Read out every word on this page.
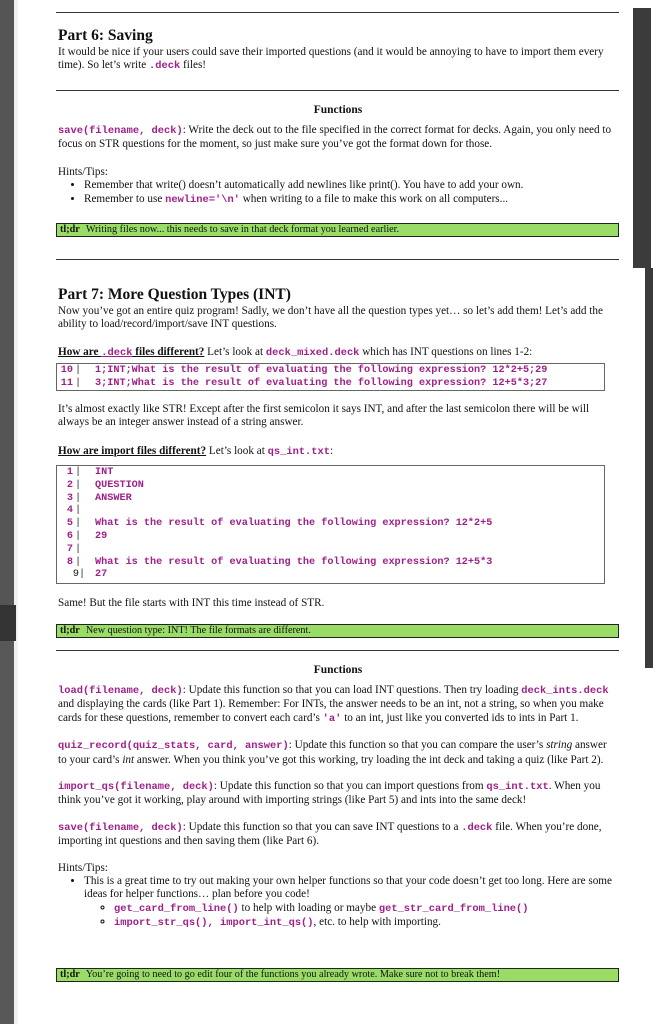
Part 6: Saving

It would be nice if your users could save their imported questions (and it would be annoying to have to import them every time). So let’s write .deck files!

Functions

save(filename, deck): Write the deck out to the file specified in the correct format for decks. Again, you only need to focus on STR questions for the moment, so just make sure you’ve got the format down for those.

Hints/Tips:

• Remember that write() doesn’t automatically add newlines like print(). You have to add your own.
• Remember to use newline='\n' when writing to a file to make this work on all computers...
tl;dr Writing files now... this needs to save in that deck format you learned earlier.
Part 7: More Question Types (INT)

Now you’ve got an entire quiz program! Sadly, we don’t have all the question types yet… so let’s add them! Let’s add the ability to load/record/import/save INT questions.

How are .deck files different? Let’s look at deck_mixed.deck which has INT questions on lines 1-2:

10 | 1;INT;What is the result of evaluating the following expression? 12*2+5;29
11 | 3;INT;What is the result of evaluating the following expression? 12+5*3;27

It’s almost exactly like STR! Except after the first semicolon it says INT, and after the last semicolon there will be will always be an integer answer instead of a string answer.

How are import files different? Let’s look at qs_int.txt:

1 | INT
2 | QUESTION
3 | ANSWER
4 |
5 | What is the result of evaluating the following expression? 12*2+5
6 | 29
7 |
8 | What is the result of evaluating the following expression? 12+5*3
9| 27

Same! But the file starts with INT this time instead of STR.

tl;dr New question type: INT! The file formats are different.
Functions

load(filename, deck): Update this function so that you can load INT questions. Then try loading deck_ints.deck and displaying the cards (like Part 1). Remember: For INTs, the answer needs to be an int, not a string, so when you make cards for these questions, remember to convert each card’s 'a' to an int, just like you converted ids to ints in Part 1.

quiz_record(quiz_stats, card, answer): Update this function so that you can compare the user’s string answer to your card’s int answer. When you think you’ve got this working, try loading the int deck and taking a quiz (like Part 2).

import_qs(filename, deck): Update this function so that you can import questions from qs_int.txt. When you think you’ve got it working, play around with importing strings (like Part 5) and ints into the same deck!

save(filename, deck): Update this function so that you can save INT questions to a .deck file. When you’re done, importing int questions and then saving them (like Part 6).

Hints/Tips:

• This is a great time to try out making your own helper functions so that your code doesn’t get too long. Here are some ideas for helper functions… plan before you code!
◦ get_card_from_line() to help with loading or maybe get_str_card_from_line()
◦ import_str_qs(), import_int_qs(), etc. to help with importing.
tl;dr You’re going to need to go edit four of the functions you already wrote. Make sure not to break them!
